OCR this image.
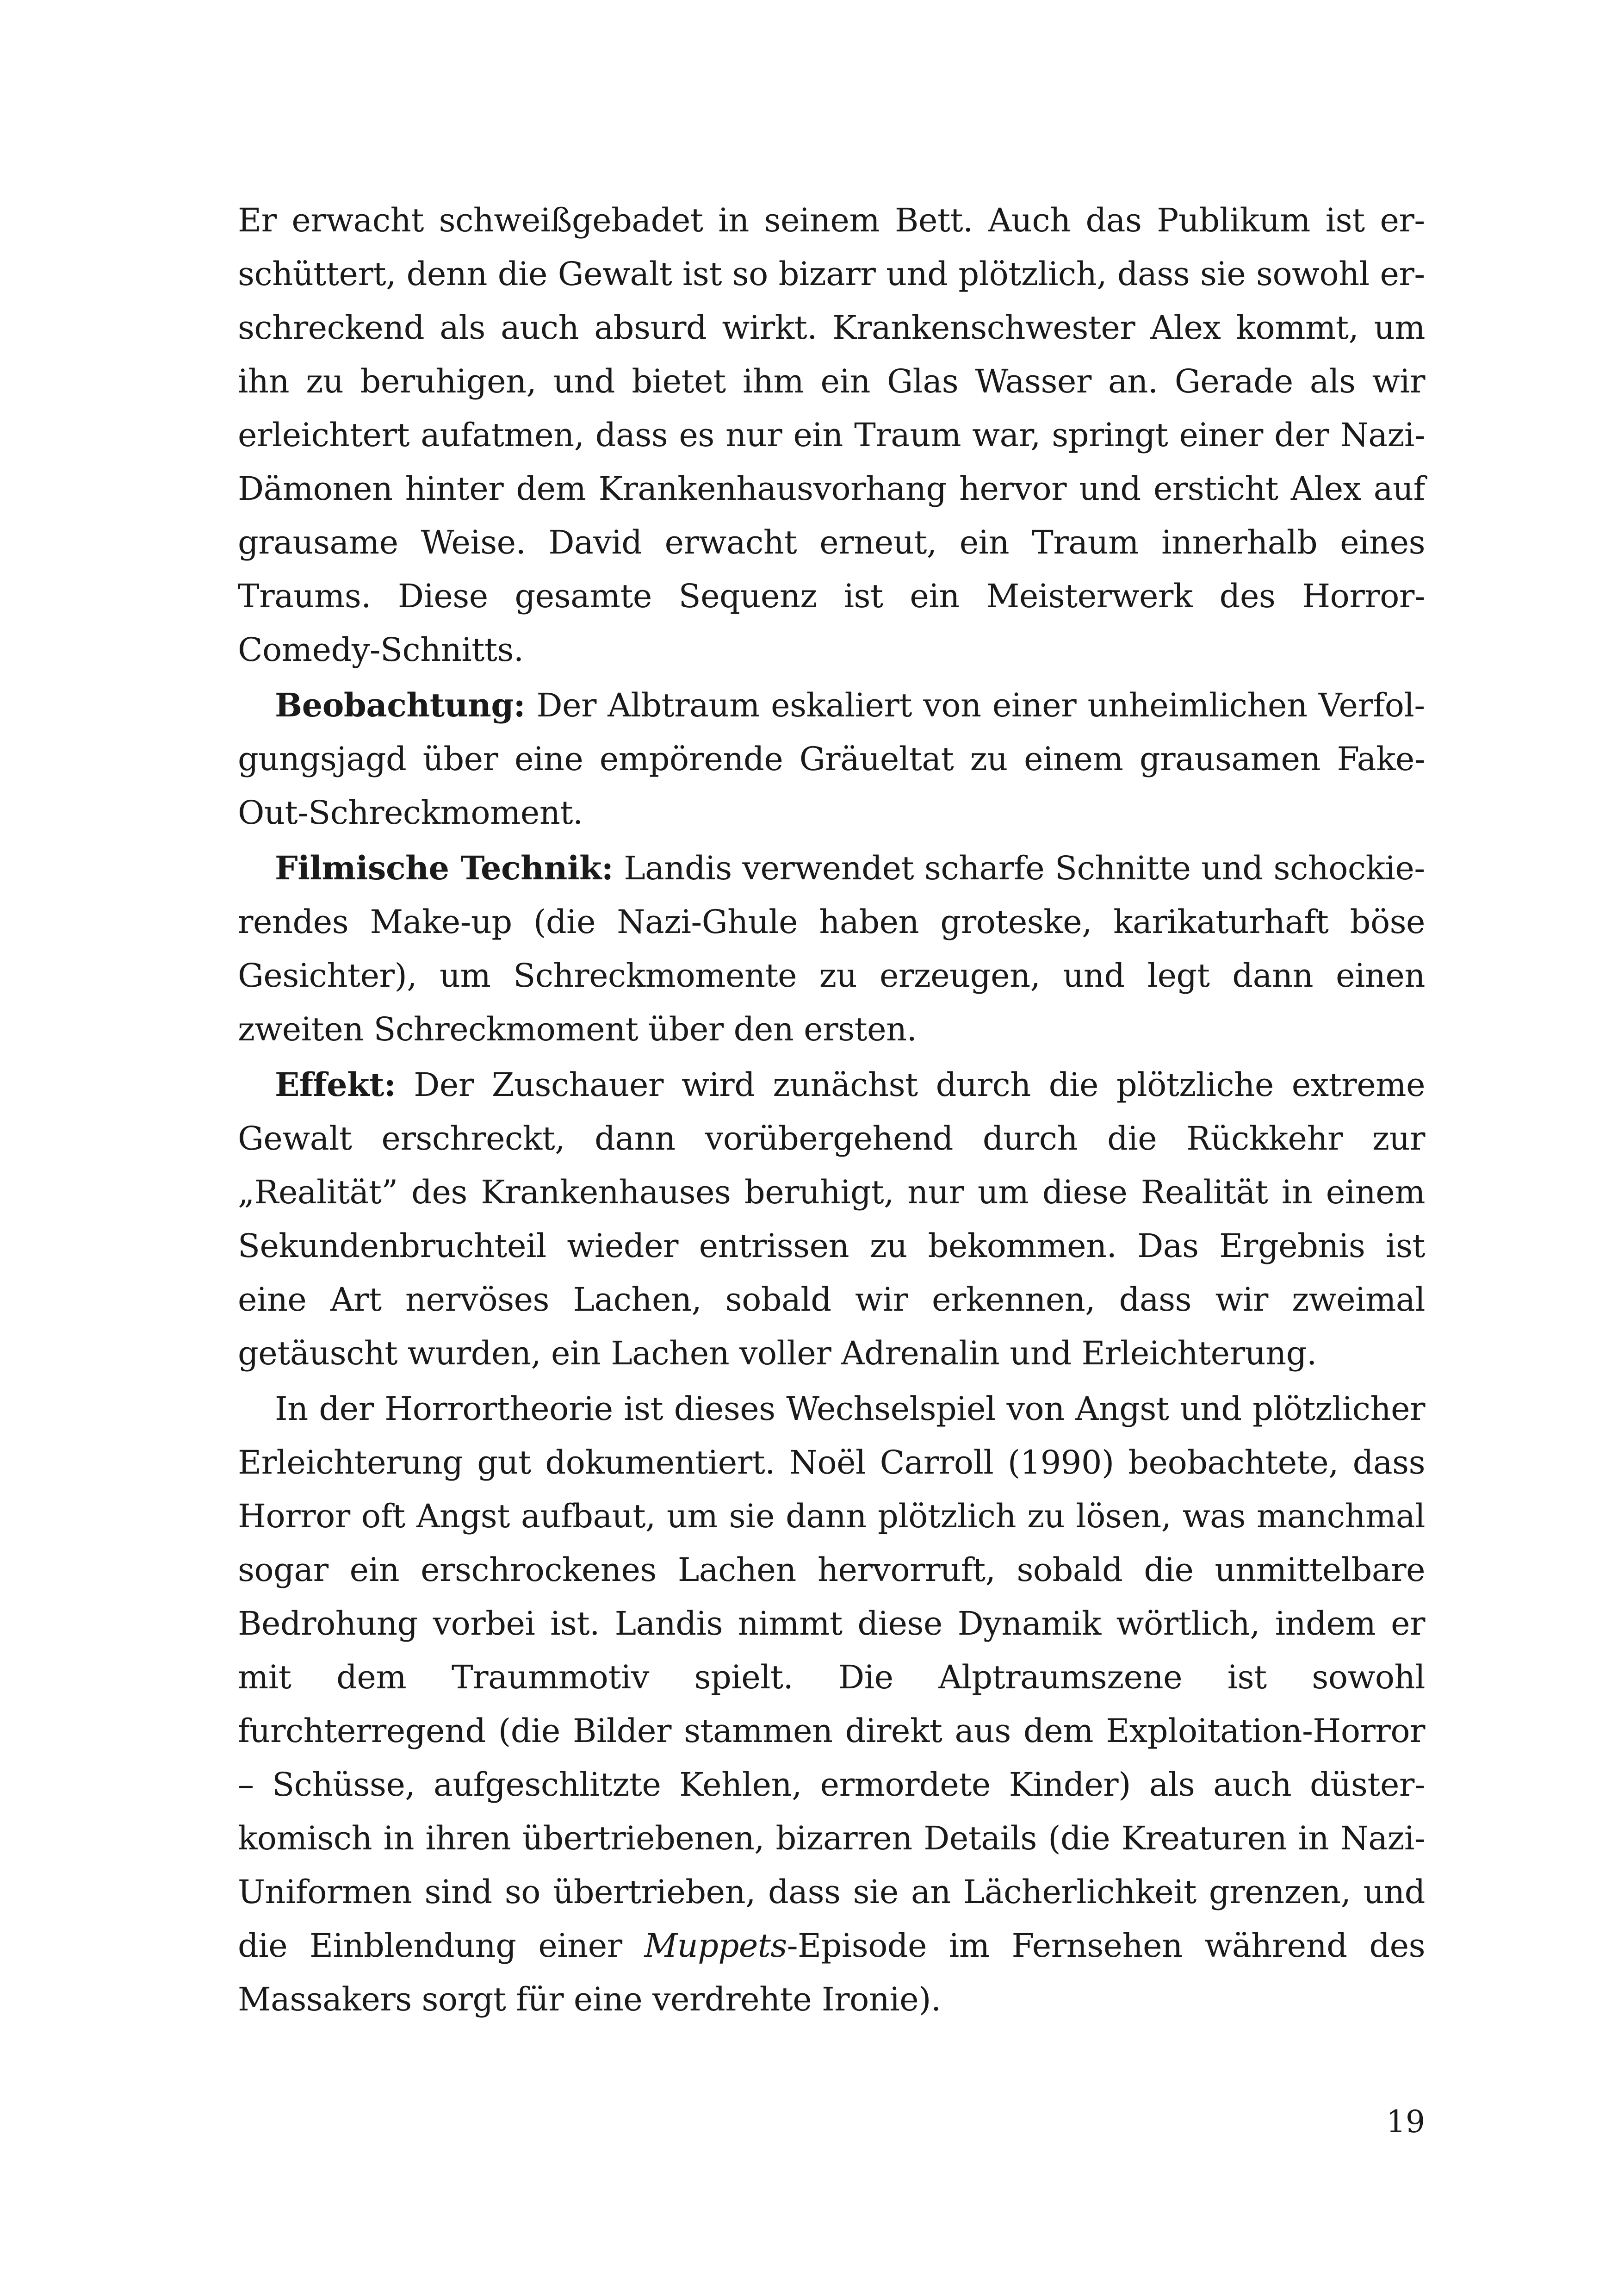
Er erwacht schweißgebadet in seinem Bett. Auch das Publikum ist erschüttert, denn die Gewalt ist so bizarr und plötzlich, dass sie sowohl erschreckend als auch absurd wirkt. Krankenschwester Alex kommt, um ihn zu beruhigen, und bietet ihm ein Glas Wasser an. Gerade als wir erleichtert aufatmen, dass es nur ein Traum war, springt einer der Nazi-Dämonen hinter dem Krankenhausvorhang hervor und ersticht Alex auf grausame Weise. David erwacht erneut, ein Traum innerhalb eines Traums. Diese gesamte Sequenz ist ein Meisterwerk des Horror-Comedy-Schnitts.

Beobachtung: Der Albtraum eskaliert von einer unheimlichen Verfolgungsjagd über eine empörende Gräueltat zu einem grausamen Fake-Out-Schreckmoment.

Filmische Technik: Landis verwendet scharfe Schnitte und schockierendes Make-up (die Nazi-Ghule haben groteske, karikaturhaft böse Gesichter), um Schreckmomente zu erzeugen, und legt dann einen zweiten Schreckmoment über den ersten.

Effekt: Der Zuschauer wird zunächst durch die plötzliche extreme Gewalt erschreckt, dann vorübergehend durch die Rückkehr zur „Realität” des Krankenhauses beruhigt, nur um diese Realität in einem Sekundenbruchteil wieder entrissen zu bekommen. Das Ergebnis ist eine Art nervöses Lachen, sobald wir erkennen, dass wir zweimal getäuscht wurden, ein Lachen voller Adrenalin und Erleichterung.

In der Horrortheorie ist dieses Wechselspiel von Angst und plötzlicher Erleichterung gut dokumentiert. Noël Carroll (1990) beobachtete, dass Horror oft Angst aufbaut, um sie dann plötzlich zu lösen, was manchmal sogar ein erschrockenes Lachen hervorruft, sobald die unmittelbare Bedrohung vorbei ist. Landis nimmt diese Dynamik wörtlich, indem er mit dem Traummotiv spielt. Die Alptraumszene ist sowohl furchterregend (die Bilder stammen direkt aus dem Exploitation-Horror – Schüsse, aufgeschlitzte Kehlen, ermordete Kinder) als auch düster-komisch in ihren übertriebenen, bizarren Details (die Kreaturen in Nazi-Uniformen sind so übertrieben, dass sie an Lächerlichkeit grenzen, und die Einblendung einer Muppets-Episode im Fernsehen während des Massakers sorgt für eine verdrehte Ironie).

19
